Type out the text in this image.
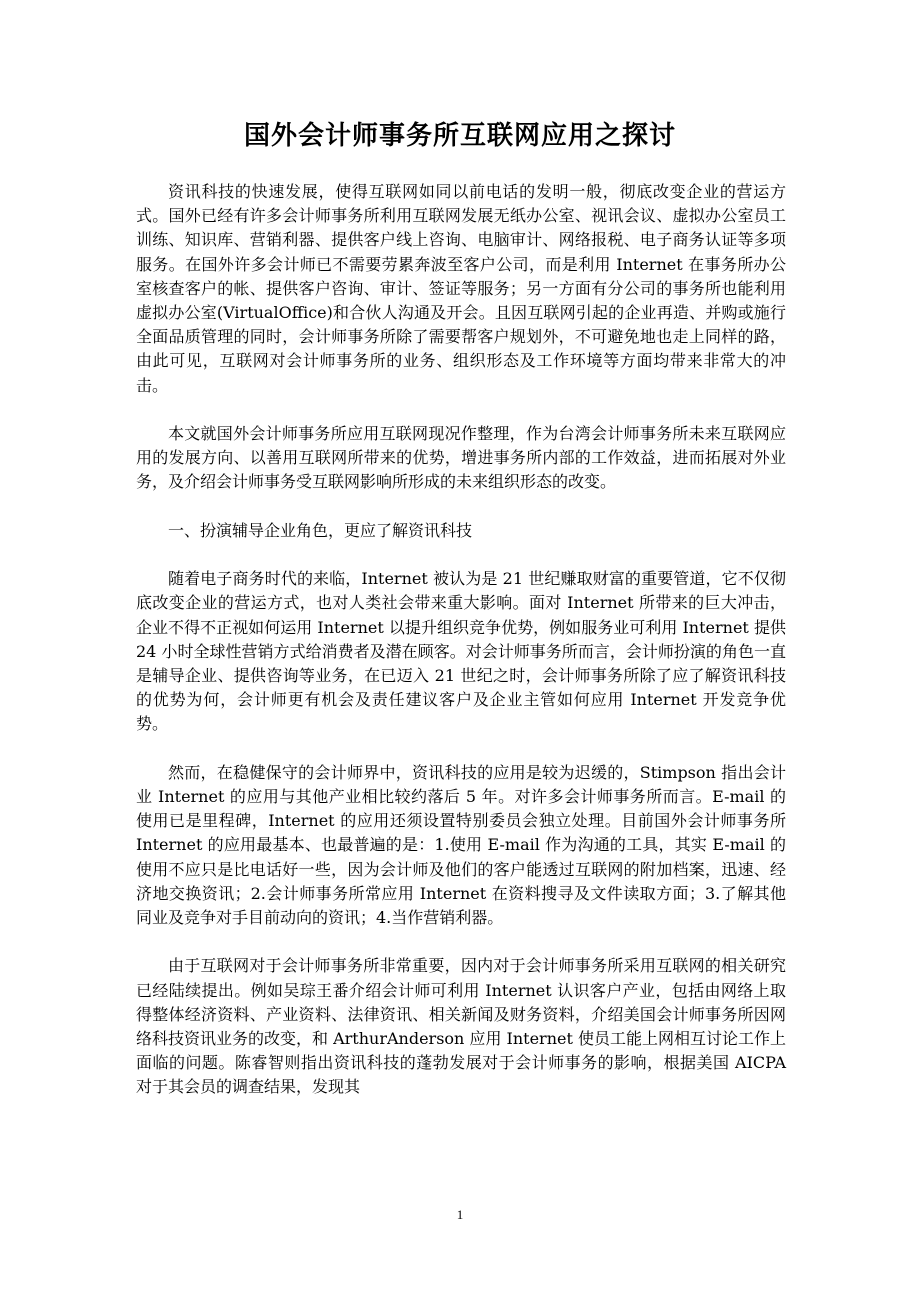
国外会计师事务所互联网应用之探讨

资讯科技的快速发展，使得互联网如同以前电话的发明一般，彻底改变企业的营运方式。国外已经有许多会计师事务所利用互联网发展无纸办公室、视讯会议、虚拟办公室员工训练、知识库、营销利器、提供客户线上咨询、电脑审计、网络报税、电子商务认证等多项服务。在国外许多会计师已不需要劳累奔波至客户公司，而是利用 Internet 在事务所办公室核查客户的帐、提供客户咨询、审计、签证等服务；另一方面有分公司的事务所也能利用虚拟办公室(VirtualOffice)和合伙人沟通及开会。且因互联网引起的企业再造、并购或施行全面品质管理的同时，会计师事务所除了需要帮客户规划外，不可避免地也走上同样的路，由此可见，互联网对会计师事务所的业务、组织形态及工作环境等方面均带来非常大的冲击。

本文就国外会计师事务所应用互联网现况作整理，作为台湾会计师事务所未来互联网应用的发展方向、以善用互联网所带来的优势，增进事务所内部的工作效益，进而拓展对外业务，及介绍会计师事务受互联网影响所形成的未来组织形态的改变。

一、扮演辅导企业角色，更应了解资讯科技

随着电子商务时代的来临，Internet 被认为是 21 世纪赚取财富的重要管道，它不仅彻底改变企业的营运方式，也对人类社会带来重大影响。面对 Internet 所带来的巨大冲击，企业不得不正视如何运用 Internet 以提升组织竞争优势，例如服务业可利用 Internet 提供 24 小时全球性营销方式给消费者及潜在顾客。对会计师事务所而言，会计师扮演的角色一直是辅导企业、提供咨询等业务，在已迈入 21 世纪之时，会计师事务所除了应了解资讯科技的优势为何，会计师更有机会及责任建议客户及企业主管如何应用 Internet 开发竞争优势。

然而，在稳健保守的会计师界中，资讯科技的应用是较为迟缓的，Stimpson 指出会计业 Internet 的应用与其他产业相比较约落后 5 年。对许多会计师事务所而言。E-mail 的使用已是里程碑，Internet 的应用还须设置特别委员会独立处理。目前国外会计师事务所 Internet 的应用最基本、也最普遍的是：1.使用 E-mail 作为沟通的工具，其实 E-mail 的使用不应只是比电话好一些，因为会计师及他们的客户能透过互联网的附加档案，迅速、经济地交换资讯；2.会计师事务所常应用 Internet 在资料搜寻及文件读取方面；3.了解其他同业及竞争对手目前动向的资讯；4.当作营销利器。

由于互联网对于会计师事务所非常重要，因内对于会计师事务所采用互联网的相关研究已经陆续提出。例如吴琮王番介绍会计师可利用 Internet 认识客户产业，包括由网络上取得整体经济资料、产业资料、法律资讯、相关新闻及财务资料，介绍美国会计师事务所因网络科技资讯业务的改变，和 ArthurAnderson 应用 Internet 使员工能上网相互讨论工作上面临的问题。陈睿智则指出资讯科技的蓬勃发展对于会计师事务的影响，根据美国 AICPA 对于其会员的调查结果，发现其

1
